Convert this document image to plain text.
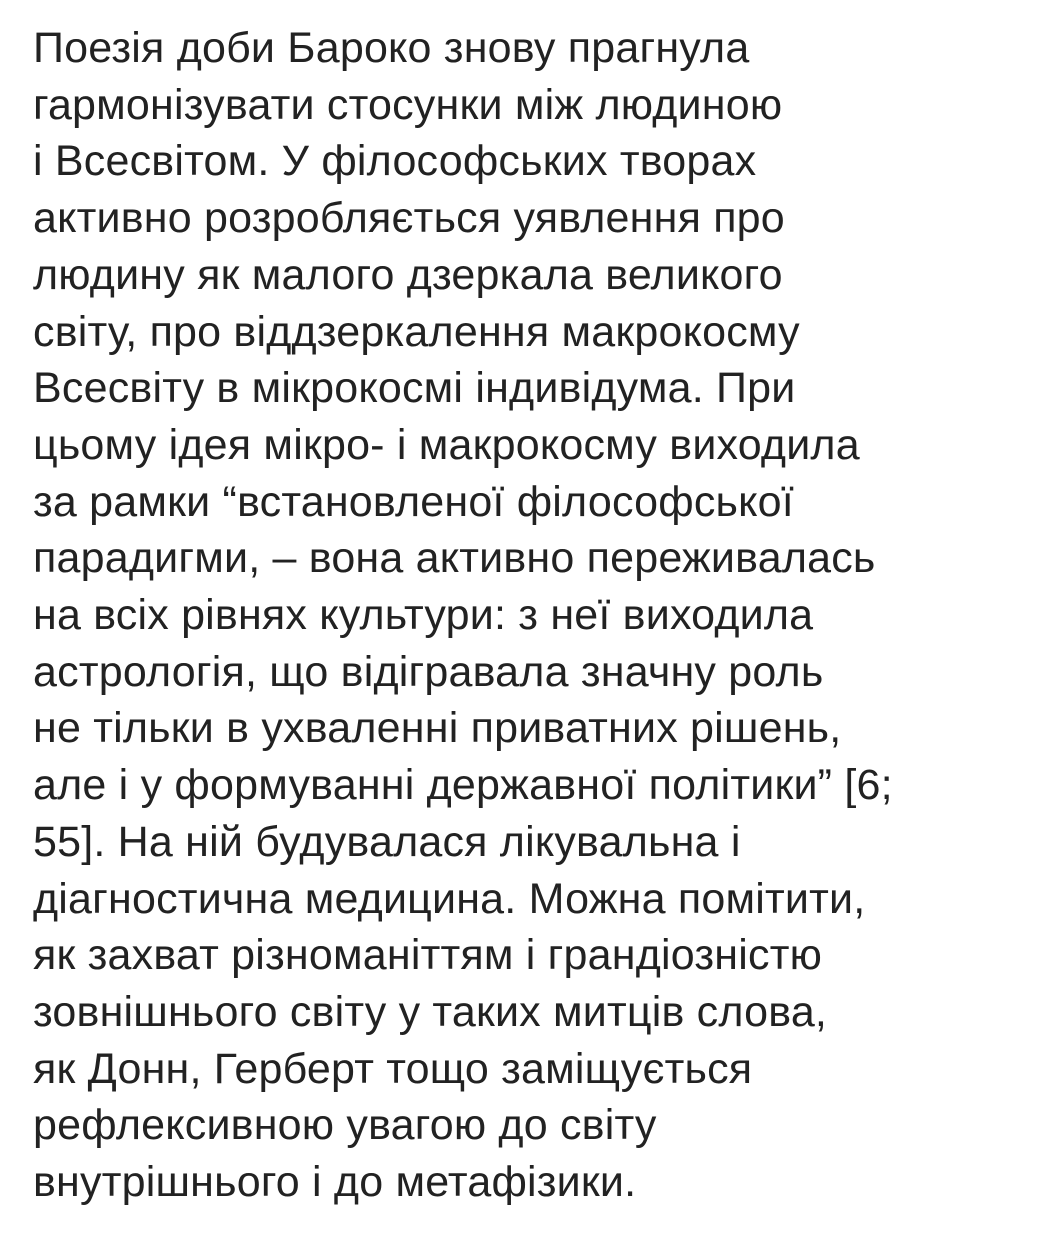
Поезія доби Бароко знову прагнула
гармонізувати стосунки між людиною
і Всесвітом. У філософських творах
активно розробляється уявлення про
людину як малого дзеркала великого
світу, про віддзеркалення макрокосму
Всесвіту в мікрокосмі індивідума. При
цьому ідея мікро- і макрокосму виходила
за рамки “встановленої філософської
парадигми, – вона активно переживалась
на всіх рівнях культури: з неї виходила
астрологія, що відігравала значну роль
не тільки в ухваленні приватних рішень,
але і у формуванні державної політики” [6;
55]. На ній будувалася лікувальна і
діагностична медицина. Можна помітити,
як захват різноманіттям і грандіозністю
зовнішнього світу у таких митців слова,
як Донн, Герберт тощо заміщується
рефлексивною увагою до світу
внутрішнього і до метафізики.
